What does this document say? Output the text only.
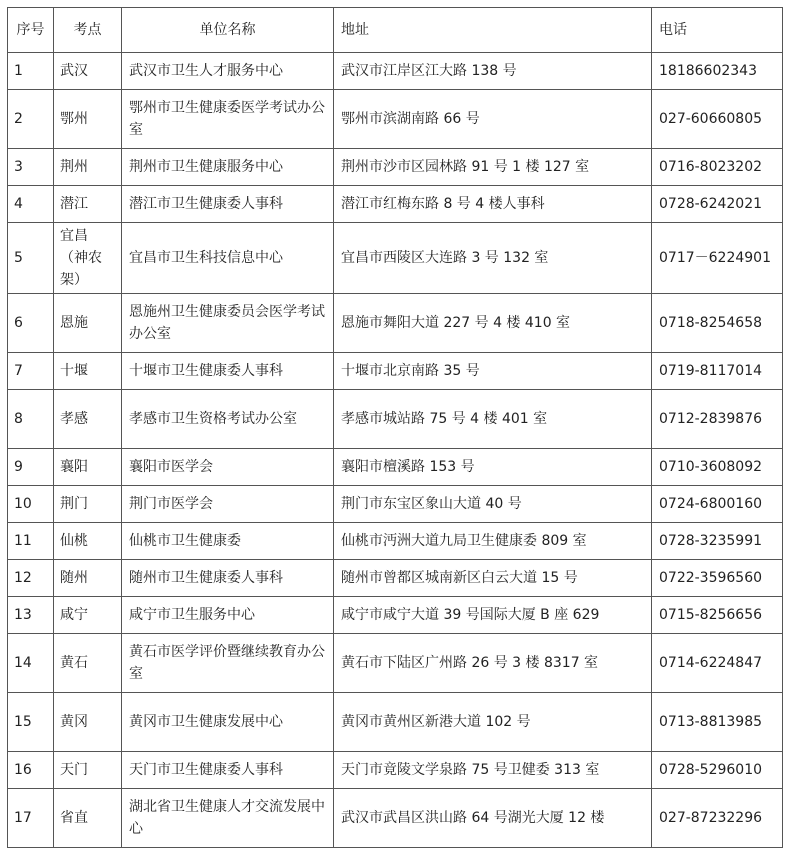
序号	考点	单位名称	地址	电话
1	武汉	武汉市卫生人才服务中心	武汉市江岸区江大路 138 号	18186602343
2	鄂州	鄂州市卫生健康委医学考试办公室	鄂州市滨湖南路 66 号	027-60660805
3	荆州	荆州市卫生健康服务中心	荆州市沙市区园林路 91 号 1 楼 127 室	0716-8023202
4	潜江	潜江市卫生健康委人事科	潜江市红梅东路 8 号 4 楼人事科	0728-6242021
5	宜昌（神农架）	宜昌市卫生科技信息中心	宜昌市西陵区大连路 3 号 132 室	0717－6224901
6	恩施	恩施州卫生健康委员会医学考试办公室	恩施市舞阳大道 227 号 4 楼 410 室	0718-8254658
7	十堰	十堰市卫生健康委人事科	十堰市北京南路 35 号	0719-8117014
8	孝感	孝感市卫生资格考试办公室	孝感市城站路 75 号 4 楼 401 室	0712-2839876
9	襄阳	襄阳市医学会	襄阳市檀溪路 153 号	0710-3608092
10	荆门	荆门市医学会	荆门市东宝区象山大道 40 号	0724-6800160
11	仙桃	仙桃市卫生健康委	仙桃市沔洲大道九局卫生健康委 809 室	0728-3235991
12	随州	随州市卫生健康委人事科	随州市曾都区城南新区白云大道 15 号	0722-3596560
13	咸宁	咸宁市卫生服务中心	咸宁市咸宁大道 39 号国际大厦 B 座 629	0715-8256656
14	黄石	黄石市医学评价暨继续教育办公室	黄石市下陆区广州路 26 号 3 楼 8317 室	0714-6224847
15	黄冈	黄冈市卫生健康发展中心	黄冈市黄州区新港大道 102 号	0713-8813985
16	天门	天门市卫生健康委人事科	天门市竟陵文学泉路 75 号卫健委 313 室	0728-5296010
17	省直	湖北省卫生健康人才交流发展中心	武汉市武昌区洪山路 64 号湖光大厦 12 楼	027-87232296
